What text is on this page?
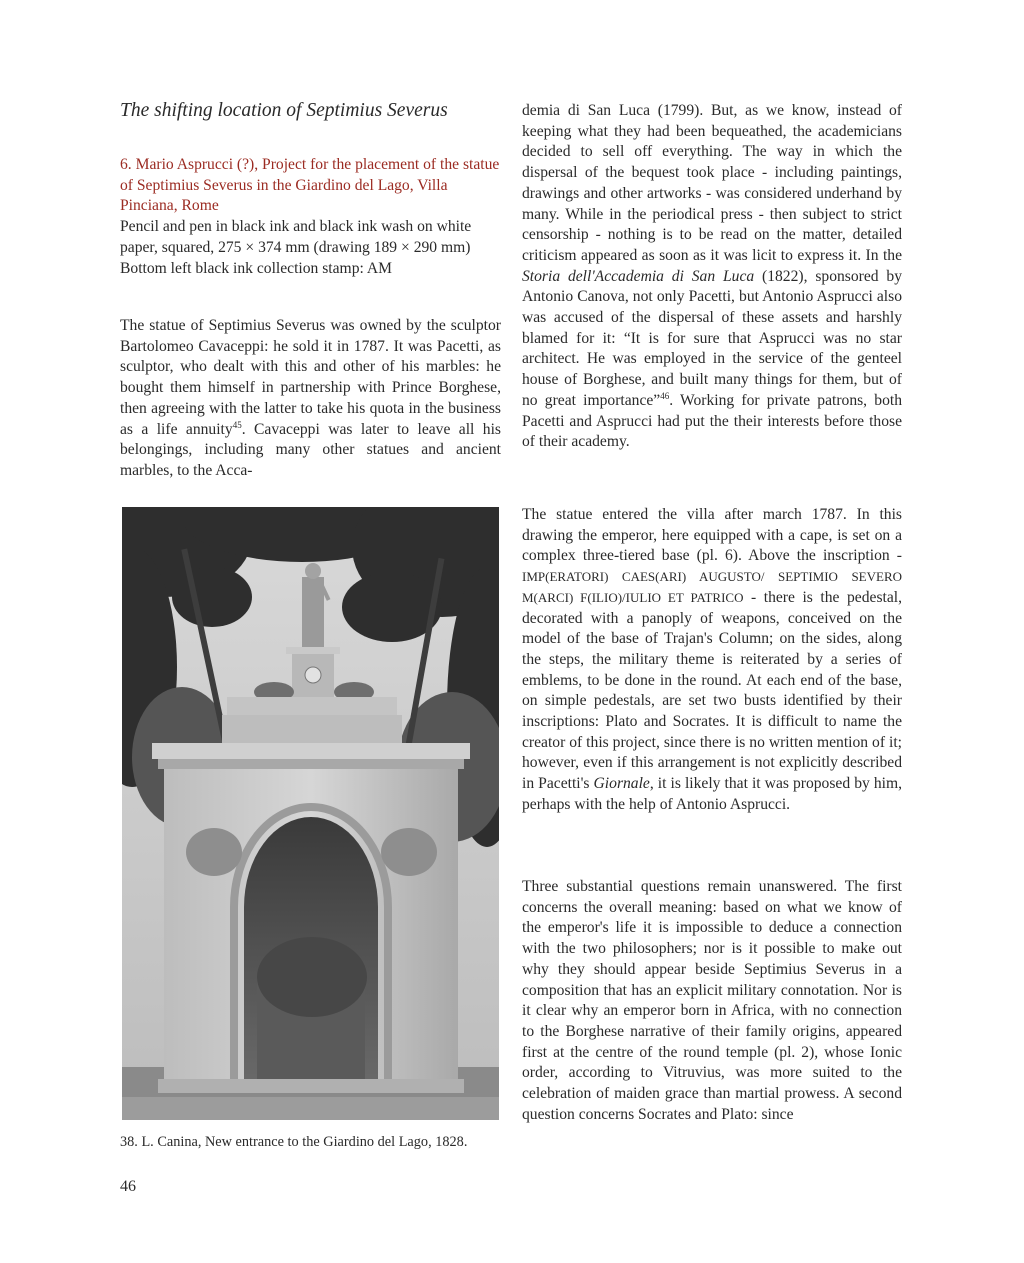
The shifting location of Septimius Severus

6. Mario Asprucci (?), Project for the placement of the statue of Septimius Severus in the Giardino del Lago, Villa Pinciana, Rome

Pencil and pen in black ink and black ink wash on white paper, squared, 275 × 374 mm (drawing 189 × 290 mm)

Bottom left black ink collection stamp: AM

The statue of Septimius Severus was owned by the sculptor Bartolomeo Cavaceppi: he sold it in 1787. It was Pacetti, as sculptor, who dealt with this and other of his marbles: he bought them himself in partnership with Prince Borghese, then agreeing with the latter to take his quota in the business as a life annuity$^{45}$. Cavaceppi was later to leave all his belongings, including many other statues and ancient marbles, to the Acca-

38. L. Canina, New entrance to the Giardino del Lago, 1828.
46

demia di San Luca (1799). But, as we know, instead of keeping what they had been bequeathed, the academicians decided to sell off everything. The way in which the dispersal of the bequest took place - including paintings, drawings and other artworks - was considered underhand by many. While in the periodical press - then subject to strict censorship - nothing is to be read on the matter, detailed criticism appeared as soon as it was licit to express it. In the Storia dell'Accademia di San Luca (1822), sponsored by Antonio Canova, not only Pacetti, but Antonio Asprucci also was accused of the dispersal of these assets and harshly blamed for it: “It is for sure that Asprucci was no star architect. He was employed in the service of the genteel house of Borghese, and built many things for them, but of no great importance”$^{46}$. Working for private patrons, both Pacetti and Asprucci had put the their interests before those of their academy.

The statue entered the villa after march 1787. In this drawing the emperor, here equipped with a cape, is set on a complex three-tiered base (pl. 6). Above the inscription - IMP(ERATORI) CAES(ARI) AUGUSTO/ SEPTIMIO SEVERO M(ARCI) F(ILIO)/IULIO ET PATRICO - there is the pedestal, decorated with a panoply of weapons, conceived on the model of the base of Trajan's Column; on the sides, along the steps, the military theme is reiterated by a series of emblems, to be done in the round. At each end of the base, on simple pedestals, are set two busts identified by their inscriptions: Plato and Socrates. It is difficult to name the creator of this project, since there is no written mention of it; however, even if this arrangement is not explicitly described in Pacetti's Giornale, it is likely that it was proposed by him, perhaps with the help of Antonio Asprucci.

Three substantial questions remain unanswered. The first concerns the overall meaning: based on what we know of the emperor's life it is impossible to deduce a connection with the two philosophers; nor is it possible to make out why they should appear beside Septimius Severus in a composition that has an explicit military connotation. Nor is it clear why an emperor born in Africa, with no connection to the Borghese narrative of their family origins, appeared first at the centre of the round temple (pl. 2), whose Ionic order, according to Vitruvius, was more suited to the celebration of maiden grace than martial prowess. A second question concerns Socrates and Plato: since
